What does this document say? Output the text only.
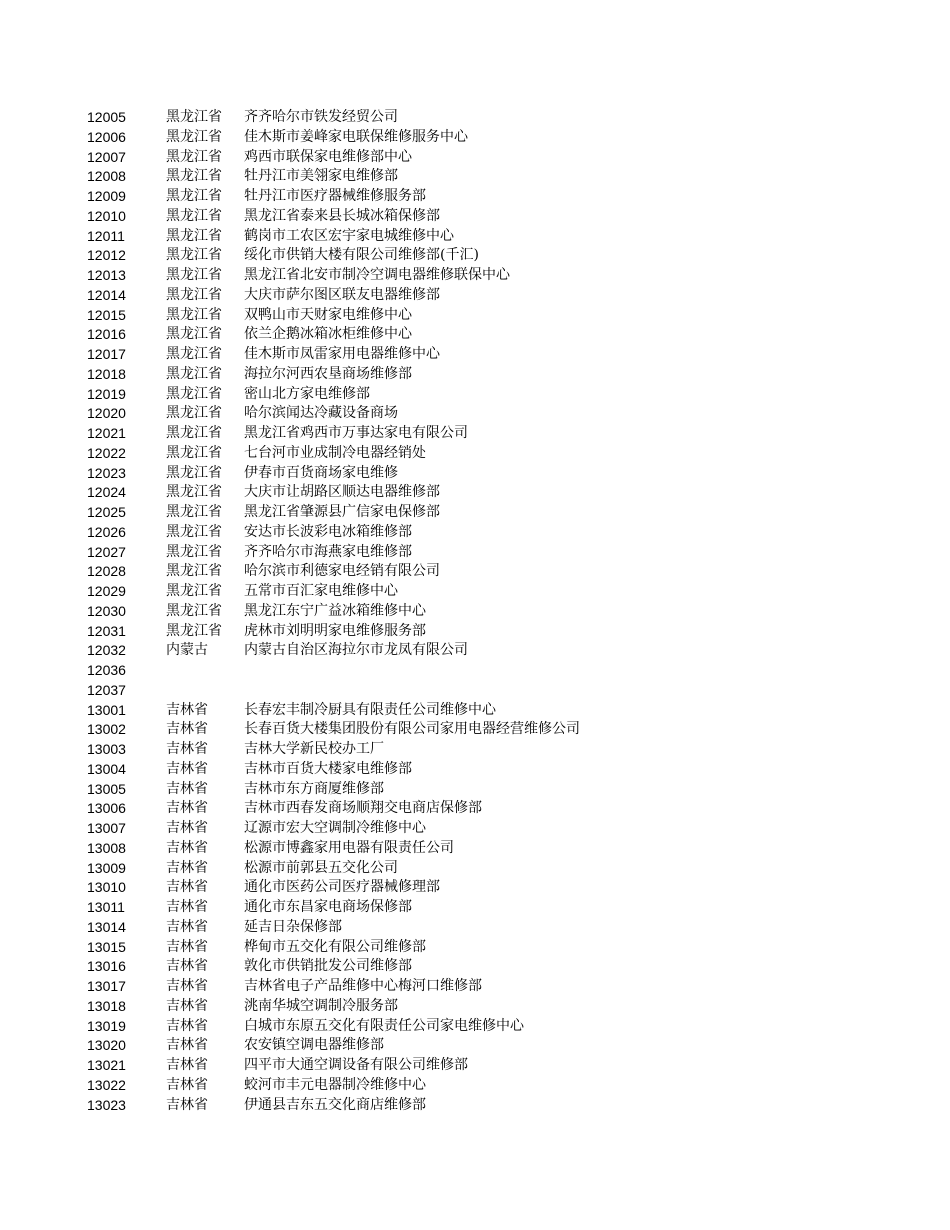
12005	黑龙江省 齐齐哈尔市铁发经贸公司
12006	黑龙江省 佳木斯市姜峰家电联保维修服务中心
12007	黑龙江省 鸡西市联保家电维修部中心
12008	黑龙江省 牡丹江市美翎家电维修部
12009	黑龙江省 牡丹江市医疗器械维修服务部
12010	黑龙江省 黑龙江省泰来县长城冰箱保修部
12011	黑龙江省 鹤岗市工农区宏宇家电城维修中心
12012	黑龙江省 绥化市供销大楼有限公司维修部(千汇)
12013	黑龙江省 黑龙江省北安市制冷空调电器维修联保中心
12014	黑龙江省 大庆市萨尔图区联友电器维修部
12015	黑龙江省 双鸭山市天财家电维修中心
12016	黑龙江省 依兰企鹅冰箱冰柜维修中心
12017	黑龙江省 佳木斯市凤雷家用电器维修中心
12018	黑龙江省 海拉尔河西农垦商场维修部
12019	黑龙江省 密山北方家电维修部
12020	黑龙江省 哈尔滨闻达冷藏设备商场
12021	黑龙江省 黑龙江省鸡西市万事达家电有限公司
12022	黑龙江省 七台河市业成制冷电器经销处
12023	黑龙江省 伊春市百货商场家电维修
12024	黑龙江省 大庆市让胡路区顺达电器维修部
12025	黑龙江省 黑龙江省肇源县广信家电保修部
12026	黑龙江省 安达市长波彩电冰箱维修部
12027	黑龙江省 齐齐哈尔市海燕家电维修部
12028	黑龙江省 哈尔滨市利德家电经销有限公司
12029	黑龙江省 五常市百汇家电维修中心
12030	黑龙江省 黑龙江东宁广益冰箱维修中心
12031	黑龙江省 虎林市刘明明家电维修服务部
12032	内蒙古	内蒙古自治区海拉尔市龙凤有限公司
12036
12037
13001	吉林省	长春宏丰制冷厨具有限责任公司维修中心
13002	吉林省	长春百货大楼集团股份有限公司家用电器经营维修公司
13003	吉林省	吉林大学新民校办工厂
13004	吉林省	吉林市百货大楼家电维修部
13005	吉林省	吉林市东方商厦维修部
13006	吉林省	吉林市西春发商场顺翔交电商店保修部
13007	吉林省	辽源市宏大空调制冷维修中心
13008	吉林省	松源市博鑫家用电器有限责任公司
13009	吉林省	松源市前郭县五交化公司
13010	吉林省	通化市医药公司医疗器械修理部
13011	吉林省	通化市东昌家电商场保修部
13014	吉林省	延吉日杂保修部
13015	吉林省	桦甸市五交化有限公司维修部
13016	吉林省	敦化市供销批发公司维修部
13017	吉林省	吉林省电子产品维修中心梅河口维修部
13018	吉林省	洮南华城空调制冷服务部
13019	吉林省	白城市东原五交化有限责任公司家电维修中心
13020	吉林省	农安镇空调电器维修部
13021	吉林省	四平市大通空调设备有限公司维修部
13022	吉林省	蛟河市丰元电器制冷维修中心
13023	吉林省	伊通县吉东五交化商店维修部
